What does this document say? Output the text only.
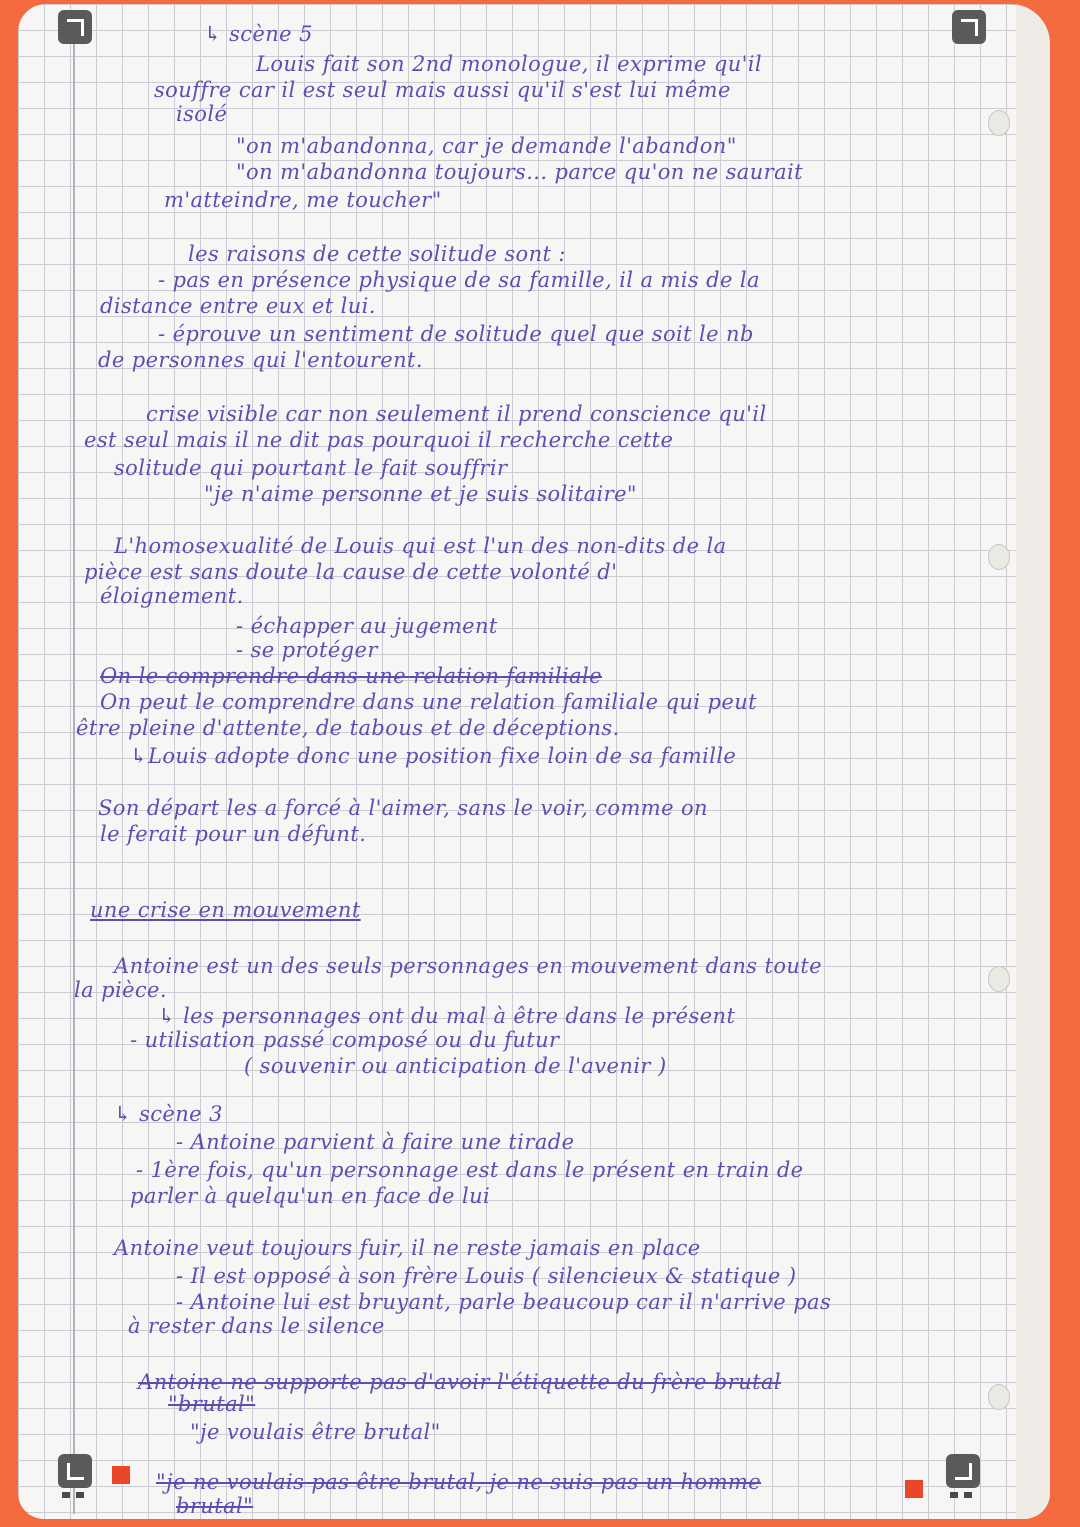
↳ scène 5
Louis fait son 2nd monologue, il exprime qu'il
souffre car il est seul mais aussi qu'il s'est lui même
isolé
"on m'abandonna, car je demande l'abandon"
"on m'abandonna toujours... parce qu'on ne saurait
m'atteindre, me toucher"
les raisons de cette solitude sont :
- pas en présence physique de sa famille, il a mis de la
distance entre eux et lui.
- éprouve un sentiment de solitude quel que soit le nb
de personnes qui l'entourent.
crise visible car non seulement il prend conscience qu'il
est seul mais il ne dit pas pourquoi il recherche cette
solitude qui pourtant le fait souffrir
"je n'aime personne et je suis solitaire"
L'homosexualité de Louis qui est l'un des non-dits de la
pièce est sans doute la cause de cette volonté d'
éloignement.
- échapper au jugement
- se protéger
On le comprendre dans une relation familiale
On peut le comprendre dans une relation familiale qui peut
être pleine d'attente, de tabous et de déceptions.
↳Louis adopte donc une position fixe loin de sa famille
Son départ les a forcé à l'aimer, sans le voir, comme on
le ferait pour un défunt.
une crise en mouvement
Antoine est un des seuls personnages en mouvement dans toute
la pièce.
↳ les personnages ont du mal à être dans le présent
- utilisation passé composé ou du futur
( souvenir ou anticipation de l'avenir )
↳ scène 3
- Antoine parvient à faire une tirade
- 1ère fois, qu'un personnage est dans le présent en train de
parler à quelqu'un en face de lui
Antoine veut toujours fuir, il ne reste jamais en place
- Il est opposé à son frère Louis ( silencieux & statique )
- Antoine lui est bruyant, parle beaucoup car il n'arrive pas
à rester dans le silence
Antoine ne supporte pas d'avoir l'étiquette du frère brutal
"brutal"
"je voulais être brutal"
"je ne voulais pas être brutal, je ne suis pas un homme
brutal"
